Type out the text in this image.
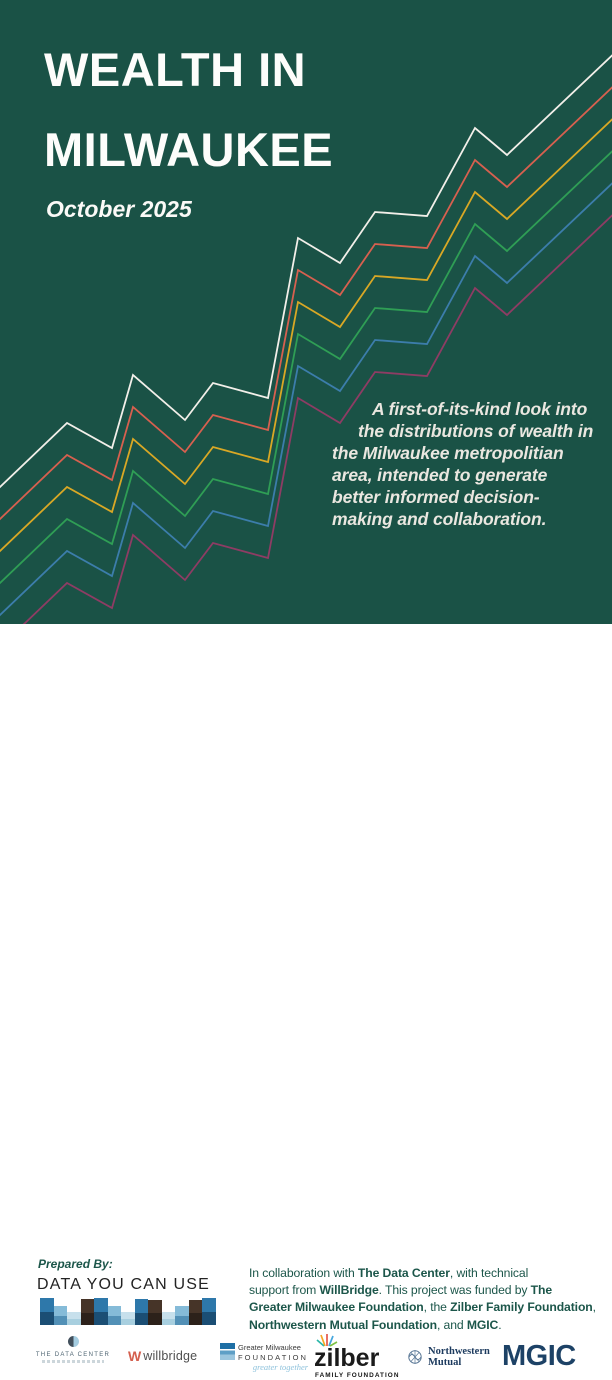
WEALTH IN
MILWAUKEE
October 2025
A first-of-its-kind look into
the distributions of wealth in
the Milwaukee metropolitian
area, intended to generate
better informed decision-
making and collaboration.
Prepared By:
DATA YOU CAN USE
In collaboration with The Data Center, with technical
support from WillBridge. This project was funded by The
Greater Milwaukee Foundation, the Zilber Family Foundation,
Northwestern Mutual Foundation, and MGIC.
THE DATA CENTER W willbridge
Greater Milwaukee
FOUNDATION
greater together zilber
FAMILY FOUNDATION
Northwestern
Mutual	MGIC
